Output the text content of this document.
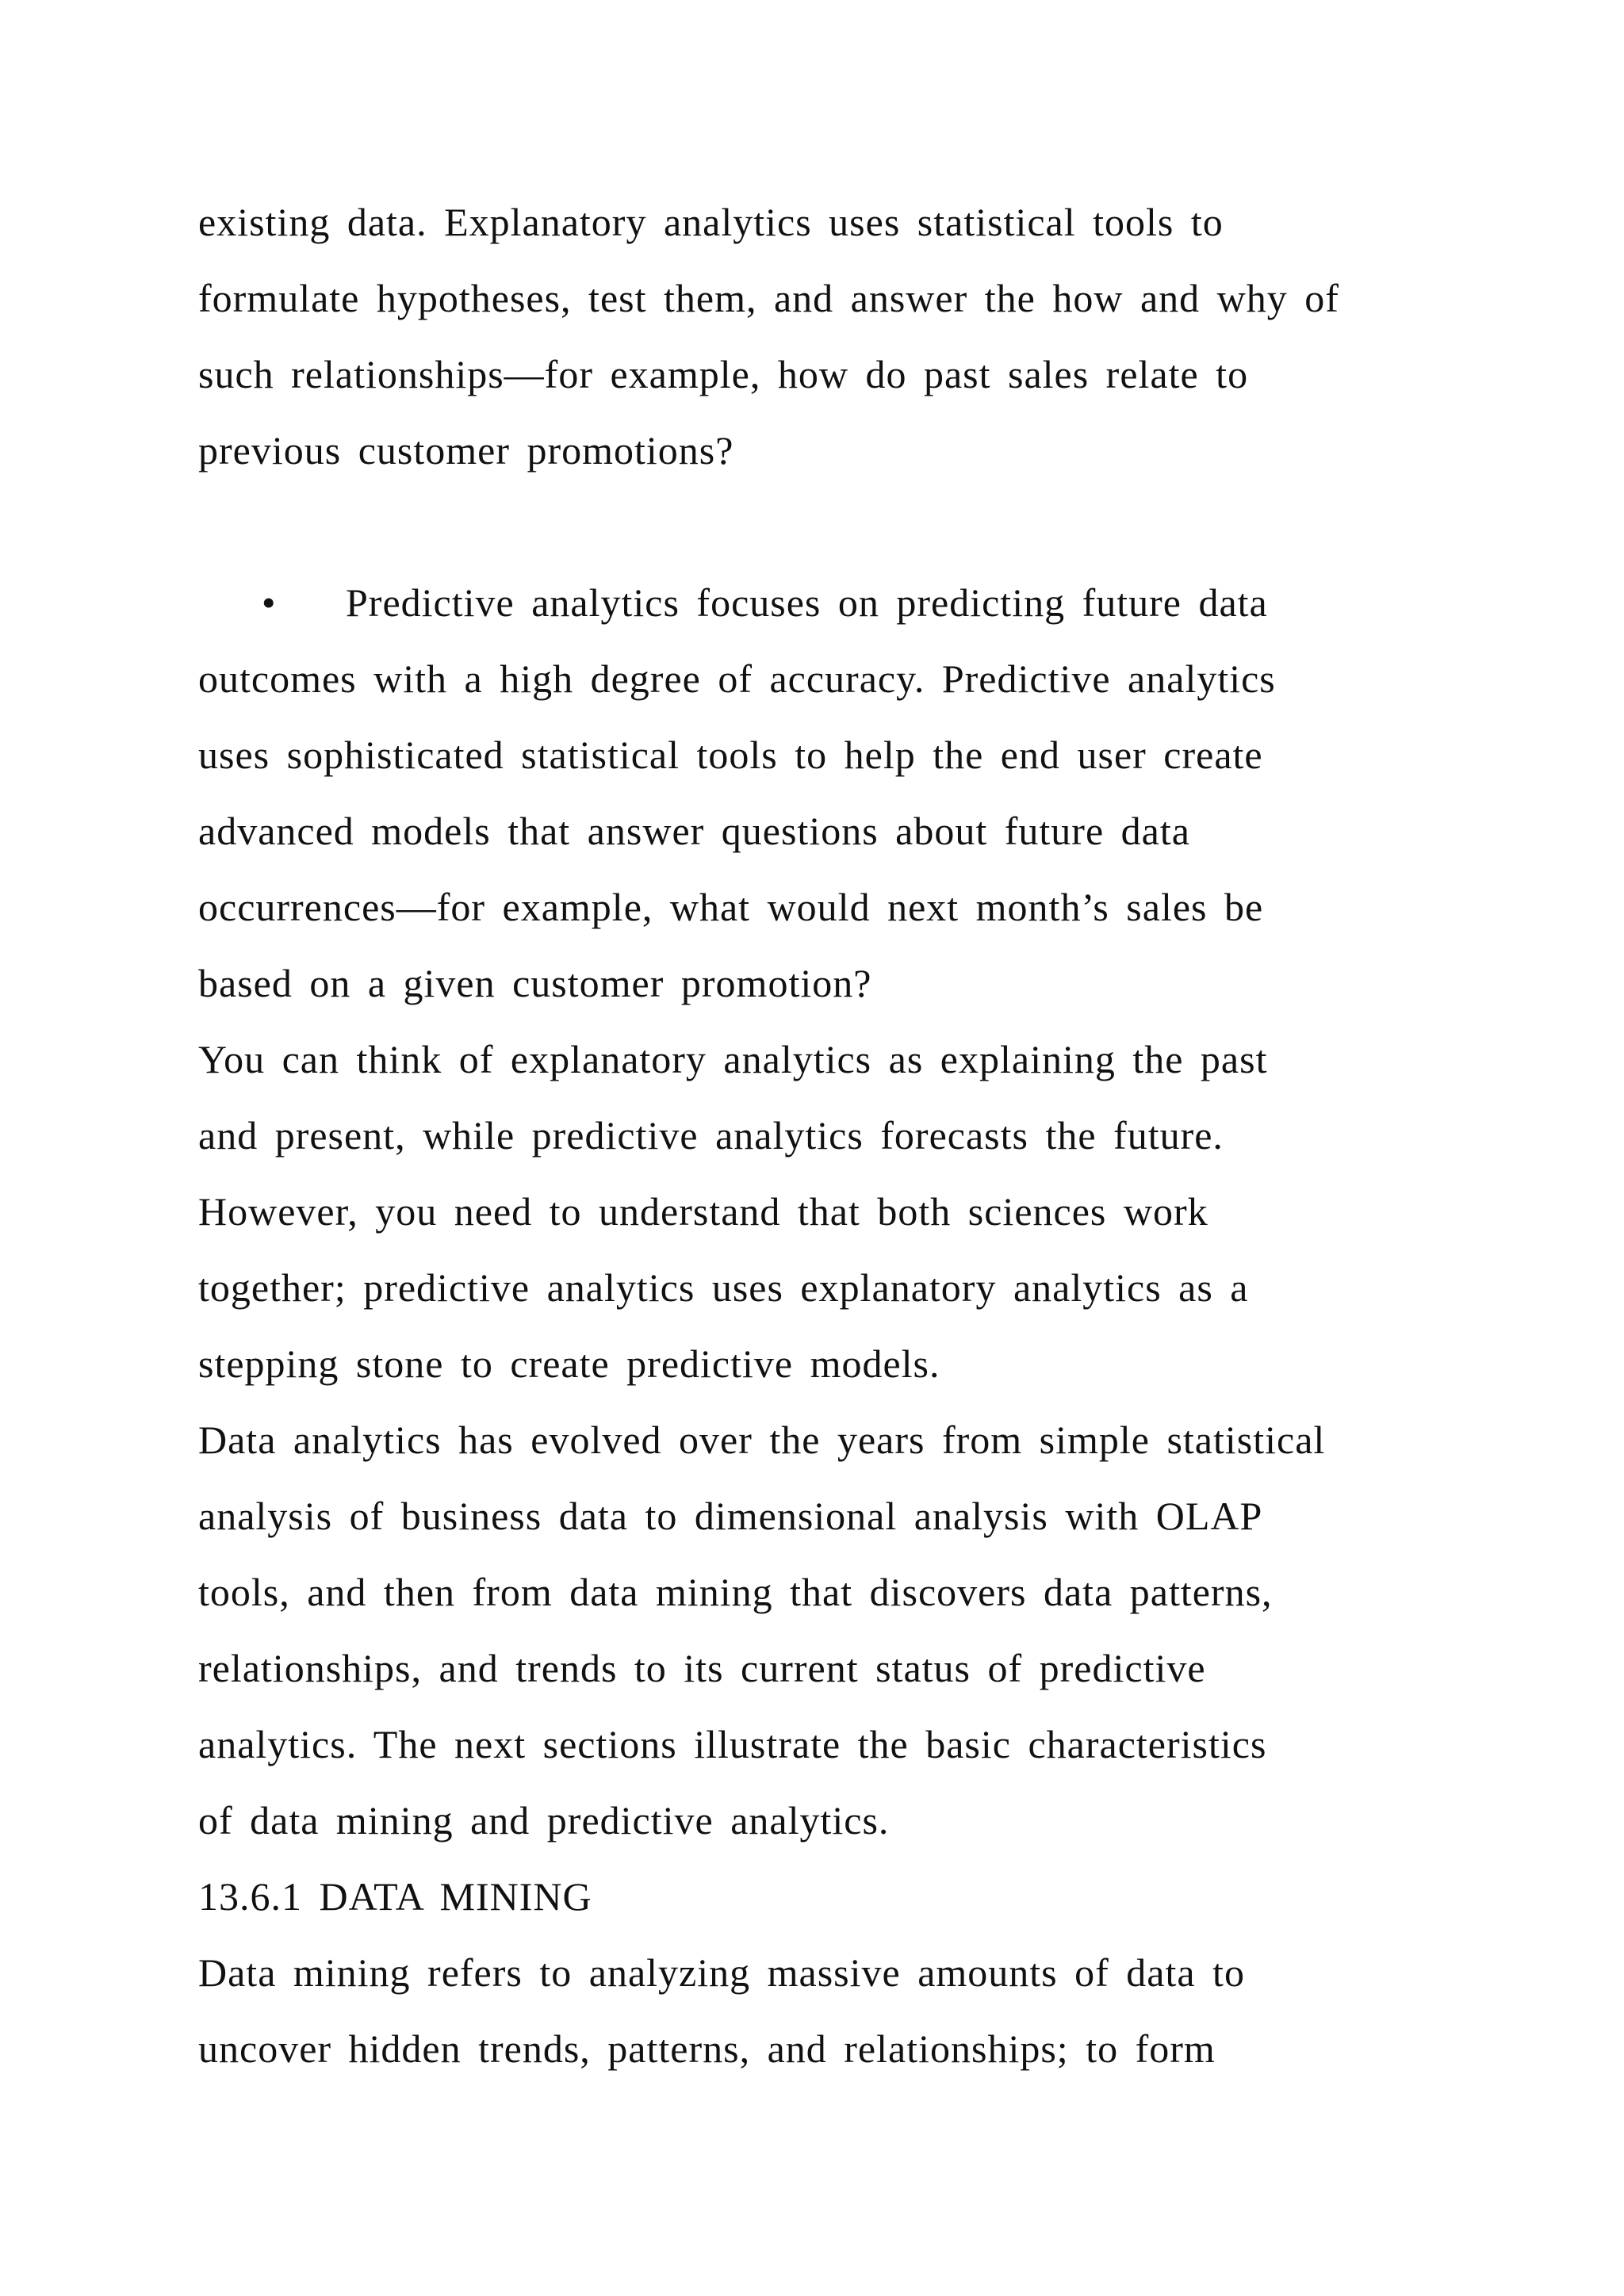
existing data. Explanatory analytics uses statistical tools to
formulate hypotheses, test them, and answer the how and why of
such relationships—for example, how do past sales relate to
previous customer promotions?
• Predictive analytics focuses on predicting future data
outcomes with a high degree of accuracy. Predictive analytics
uses sophisticated statistical tools to help the end user create
advanced models that answer questions about future data
occurrences—for example, what would next month’s sales be
based on a given customer promotion?
You can think of explanatory analytics as explaining the past
and present, while predictive analytics forecasts the future.
However, you need to understand that both sciences work
together; predictive analytics uses explanatory analytics as a
stepping stone to create predictive models.
Data analytics has evolved over the years from simple statistical
analysis of business data to dimensional analysis with OLAP
tools, and then from data mining that discovers data patterns,
relationships, and trends to its current status of predictive
analytics. The next sections illustrate the basic characteristics
of data mining and predictive analytics.
13.6.1 DATA MINING
Data mining refers to analyzing massive amounts of data to
uncover hidden trends, patterns, and relationships; to form
